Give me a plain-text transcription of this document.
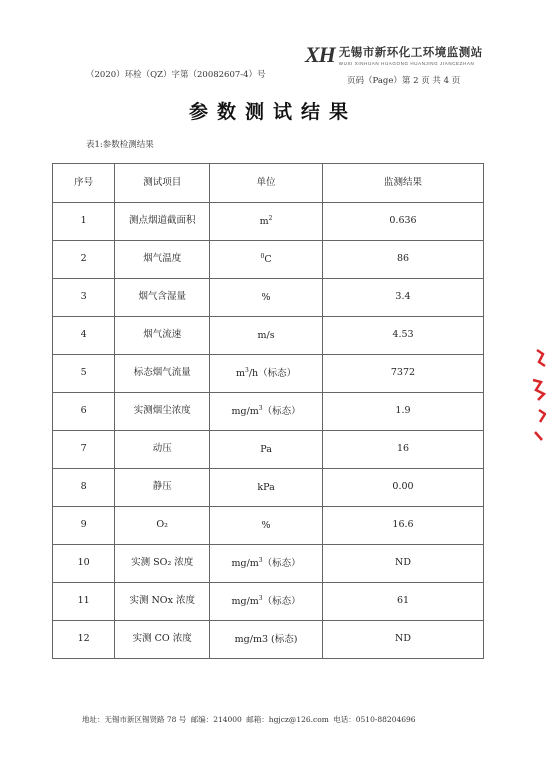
XH 无锡市新环化工环境监测站
WUXI XINHUAN HUAGONG HUANJING JIANCEZHAN
（2020）环检（QZ）字第（20082607-4）号
页码（Page）第 2 页 共 4 页
参数测试结果
表1:参数检测结果
序号	测试项目	单位	监测结果
1	测点烟道截面积	$m^2$	0.636
2	烟气温度	$^0$C	86
3	烟气含湿量	%	3.4
4	烟气流速	m/s	4.53
5	标态烟气流量	$m^3/h$（标态）	7372
6	实测烟尘浓度	$mg/m^3$（标态）	1.9
7	动压	Pa	16
8	静压	kPa	0.00
9	O₂	%	16.6
10	实测 SO₂ 浓度	$mg/m^3$（标态）	ND
11	实测 NOx 浓度	$mg/m^3$（标态）	61
12	实测 CO 浓度	mg/m3 (标态)	ND
地址：无锡市新区锡贤路 78 号 邮编：214000 邮箱：hgjcz@126.com 电话：0510-88204696
